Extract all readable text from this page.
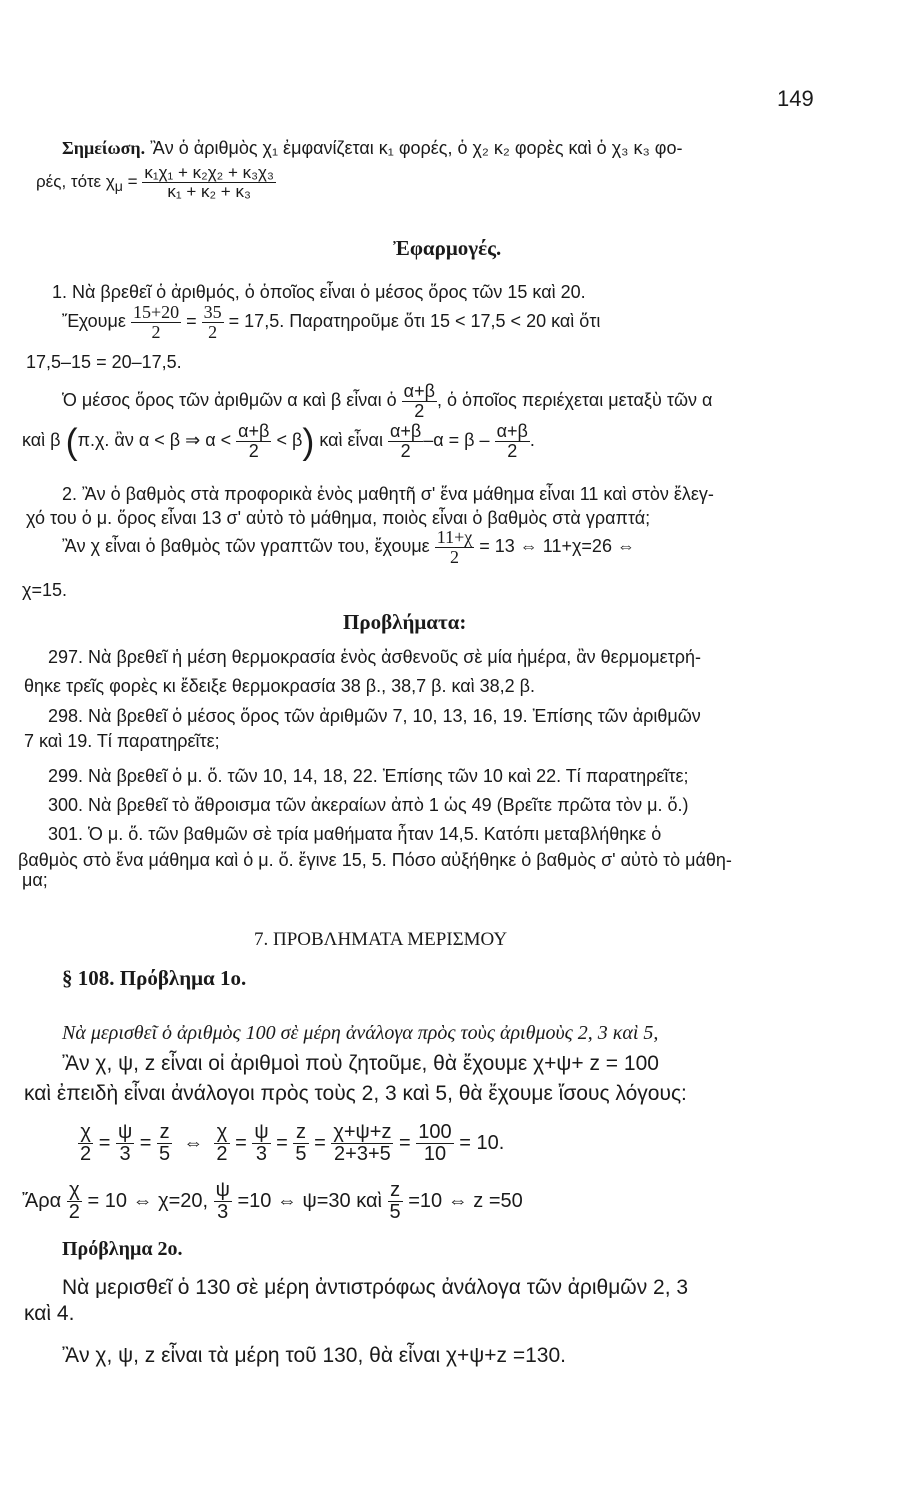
149
Σημείωση. Ἂν ὁ ἀριθμὸς χ₁ ἐμφανίζεται κ₁ φορές, ὁ χ₂ κ₂ φορὲς καὶ ὁ χ₃ κ₃ φο-
ρές, τότε $\chi_\mu = \frac{\text{κ₁χ₁ + κ₂χ₂ + κ₃χ₃}}{\text{κ₁ + κ₂ + κ₃}}$
Ἐφαρμογές.
1. Νὰ βρεθεῖ ὁ ἀριθμός, ὁ ὁποῖος εἶναι ὁ μέσος ὅρος τῶν 15 καὶ 20.
Ἔχουμε $\frac{15+20}{2} = \frac{35}{2} = 17,5$. Παρατηροῦμε ὅτι 15 < 17,5 < 20 καὶ ὅτι
17,5–15 = 20–17,5.
Ὁ μέσος ὅρος τῶν ἀριθμῶν α καὶ β εἶναι ὁ $\frac{\alpha+\beta}{2}$ , ὁ ὁποῖος περιέχεται μεταξὺ τῶν α
καὶ β (π.χ. ἂν α < β ⇒ $\alpha < \frac{\alpha+\beta}{2} < \beta$) καὶ εἶναι $\frac{\alpha+\beta}{2} -\alpha = \beta - \frac{\alpha+\beta}{2}$ .
2. Ἂν ὁ βαθμὸς στὰ προφορικὰ ἑνὸς μαθητῆ σ' ἕνα μάθημα εἶναι 11 καὶ στὸν ἔλεγ-
χό του ὁ μ. ὅρος εἶναι 13 σ' αὐτὸ τὸ μάθημα, ποιὸς εἶναι ὁ βαθμὸς στὰ γραπτά;
Ἂν χ εἶναι ὁ βαθμὸς τῶν γραπτῶν του, ἔχουμε $\frac{11+\chi}{2} = 13$ ⇔ 11+χ=26 ⇔
χ=15.
Προβλήματα:
297. Νὰ βρεθεῖ ἡ μέση θερμοκρασία ἑνὸς ἀσθενοῦς σὲ μία ἡμέρα, ἂν θερμομετρή-
θηκε τρεῖς φορὲς κι ἔδειξε θερμοκρασία 38 β., 38,7 β. καὶ 38,2 β.
298. Νὰ βρεθεῖ ὁ μέσος ὅρος τῶν ἀριθμῶν 7, 10, 13, 16, 19. Ἐπίσης τῶν ἀριθμῶν
7 καὶ 19. Τί παρατηρεῖτε;
299. Νὰ βρεθεῖ ὁ μ. ὅ. τῶν 10, 14, 18, 22. Ἐπίσης τῶν 10 καὶ 22. Τί παρατηρεῖτε;
300. Νὰ βρεθεῖ τὸ ἄθροισμα τῶν ἀκεραίων ἀπὸ 1 ὡς 49 (Βρεῖτε πρῶτα τὸν μ. ὅ.)
301. Ὁ μ. ὅ. τῶν βαθμῶν σὲ τρία μαθήματα ἦταν 14,5. Κατόπι μεταβλήθηκε ὁ
βαθμὸς στὸ ἕνα μάθημα καὶ ὁ μ. ὅ. ἔγινε 15, 5. Πόσο αὐξήθηκε ὁ βαθμὸς σ' αὐτὸ τὸ μάθη-
μα;
7. ΠΡΟΒΛΗΜΑΤΑ ΜΕΡΙΣΜΟΥ
§ 108. Πρόβλημα 1ο.
Νὰ μερισθεῖ ὁ ἀριθμὸς 100 σὲ μέρη ἀνάλογα πρὸς τοὺς ἀριθμοὺς 2, 3 καὶ 5,
Ἂν χ, ψ, z εἶναι οἱ ἀριθμοὶ ποὺ ζητοῦμε, θὰ ἔχουμε χ+ψ+ z = 100
καὶ ἐπειδὴ εἶναι ἀνάλογοι πρὸς τοὺς 2, 3 καὶ 5, θὰ ἔχουμε ἴσους λόγους:
$\frac{\chi}{2} = \frac{\psi}{3} = \frac{z}{5}$ ⇔ $\frac{\chi}{2} = \frac{\psi}{3} = \frac{z}{5} = \frac{\chi+\psi+z}{2+3+5} = \frac{100}{10} = 10$.
Ἄρα $\frac{\chi}{2} = 10$ ⇔ χ=20, $\frac{\psi}{3} =10$ ⇔ ψ=30 καὶ $\frac{z}{5} =10$ ⇔ z =50
Πρόβλημα 2ο.
Νὰ μερισθεῖ ὁ 130 σὲ μέρη ἀντιστρόφως ἀνάλογα τῶν ἀριθμῶν 2, 3
καὶ 4.
Ἂν χ, ψ, z εἶναι τὰ μέρη τοῦ 130, θὰ εἶναι χ+ψ+z =130.
